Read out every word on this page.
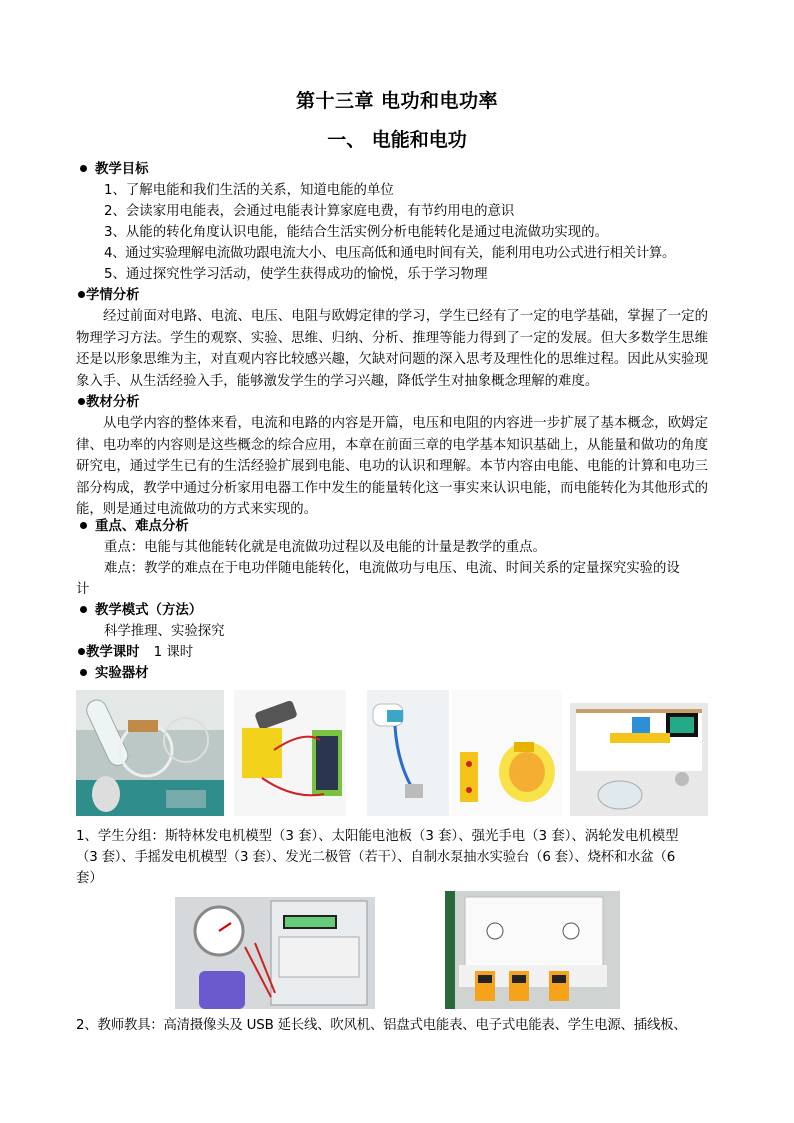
第十三章 电功和电功率
一、 电能和电功
教学目标
1、了解电能和我们生活的关系，知道电能的单位
2、会读家用电能表，会通过电能表计算家庭电费，有节约用电的意识
3、从能的转化角度认识电能，能结合生活实例分析电能转化是通过电流做功实现的。
4、通过实验理解电流做功跟电流大小、电压高低和通电时间有关，能利用电功公式进行相关计算。
5、通过探究性学习活动，使学生获得成功的愉悦，乐于学习物理
学情分析
经过前面对电路、电流、电压、电阻与欧姆定律的学习，学生已经有了一定的电学基础，掌握了一定的物理学习方法。学生的观察、实验、思维、归纳、分析、推理等能力得到了一定的发展。但大多数学生思维还是以形象思维为主，对直观内容比较感兴趣，欠缺对问题的深入思考及理性化的思维过程。因此从实验现象入手、从生活经验入手，能够激发学生的学习兴趣，降低学生对抽象概念理解的难度。
教材分析
从电学内容的整体来看，电流和电路的内容是开篇，电压和电阻的内容进一步扩展了基本概念，欧姆定律、电功率的内容则是这些概念的综合应用，本章在前面三章的电学基本知识基础上，从能量和做功的角度研究电，通过学生已有的生活经验扩展到电能、电功的认识和理解。本节内容由电能、电能的计算和电功三部分构成，教学中通过分析家用电器工作中发生的能量转化这一事实来认识电能，而电能转化为其他形式的能，则是通过电流做功的方式来实现的。
重点、难点分析
重点：电能与其他能转化就是电流做功过程以及电能的计量是教学的重点。
难点：教学的难点在于电功伴随电能转化，电流做功与电压、电流、时间关系的定量探究实验的设
计
教学模式（方法）
科学推理、实验探究
教学课时 1 课时
实验器材
1、学生分组：斯特林发电机模型（3 套）、太阳能电池板（3 套）、强光手电（3 套）、涡轮发电机模型
（3 套）、手摇发电机模型（3 套）、发光二极管（若干）、自制水泵抽水实验台（6 套）、烧杯和水盆（6
套）
2、教师教具：高清摄像头及 USB 延长线、吹风机、铝盘式电能表、电子式电能表、学生电源、插线板、
